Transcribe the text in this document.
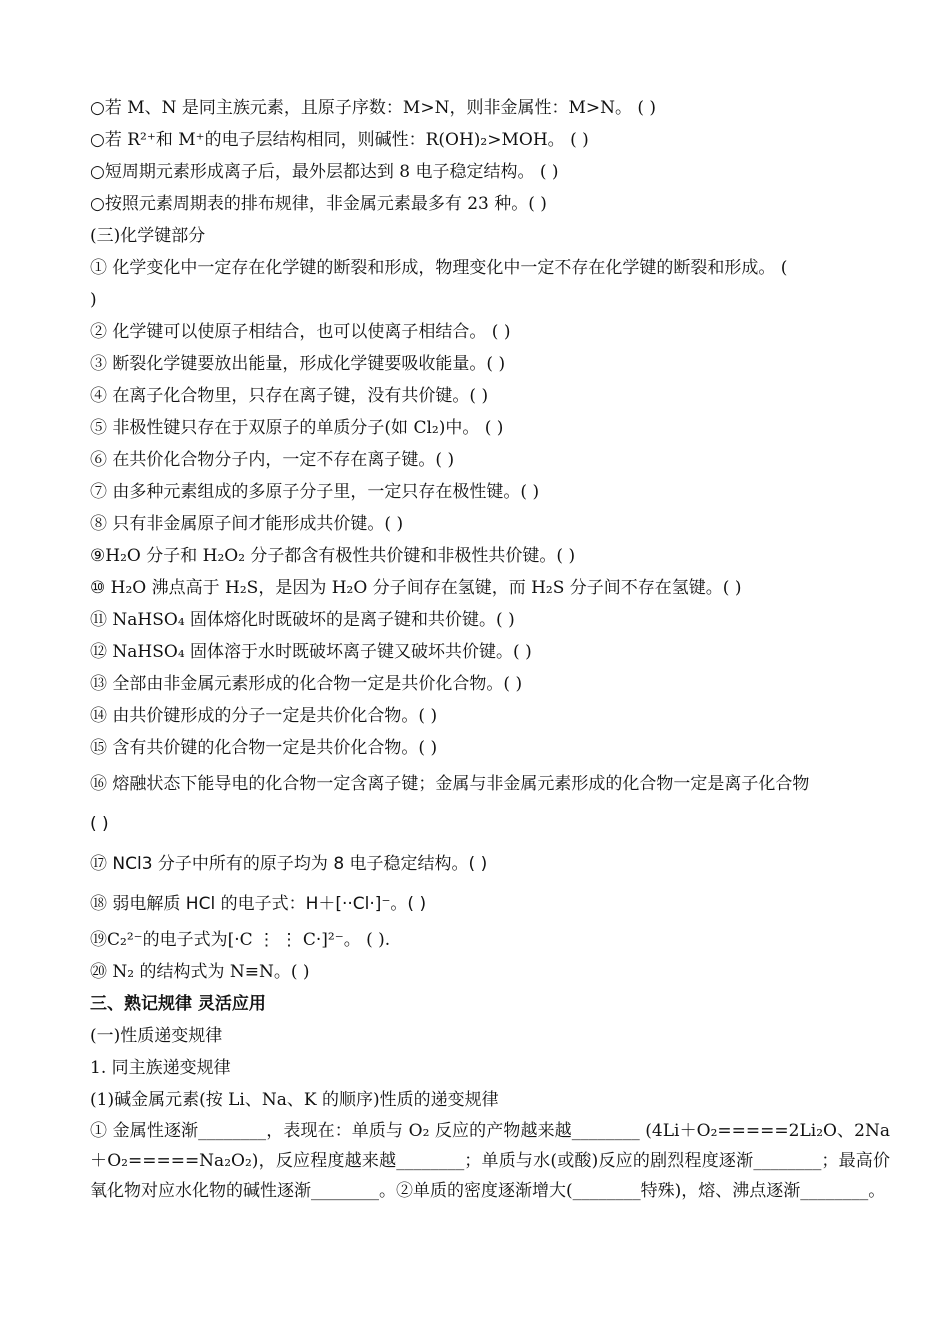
○若 M、N 是同主族元素，且原子序数：M>N，则非金属性：M>N。 ( )
○若 R²⁺和 M⁺的电子层结构相同，则碱性：R(OH)₂>MOH。 ( )
○短周期元素形成离子后，最外层都达到 8 电子稳定结构。 ( )
○按照元素周期表的排布规律，非金属元素最多有 23 种。( )
(三)化学键部分
① 化学变化中一定存在化学键的断裂和形成，物理变化中一定不存在化学键的断裂和形成。 (
)
② 化学键可以使原子相结合，也可以使离子相结合。 ( )
③ 断裂化学键要放出能量，形成化学键要吸收能量。( )
④ 在离子化合物里，只存在离子键，没有共价键。( )
⑤ 非极性键只存在于双原子的单质分子(如 Cl₂)中。 ( )
⑥ 在共价化合物分子内，一定不存在离子键。( )
⑦ 由多种元素组成的多原子分子里，一定只存在极性键。( )
⑧ 只有非金属原子间才能形成共价键。( )
⑨H₂O 分子和 H₂O₂ 分子都含有极性共价键和非极性共价键。( )
⑩ H₂O 沸点高于 H₂S，是因为 H₂O 分子间存在氢键，而 H₂S 分子间不存在氢键。( )
⑪ NaHSO₄ 固体熔化时既破坏的是离子键和共价键。( )
⑫ NaHSO₄ 固体溶于水时既破坏离子键又破坏共价键。( )
⑬ 全部由非金属元素形成的化合物一定是共价化合物。( )
⑭ 由共价键形成的分子一定是共价化合物。( )
⑮ 含有共价键的化合物一定是共价化合物。( )
⑯ 熔融状态下能导电的化合物一定含离子键；金属与非金属元素形成的化合物一定是离子化合物
( )
⑰ NCl3 分子中所有的原子均为 8 电子稳定结构。( )
⑱ 弱电解质 HCl 的电子式：H＋[··Cl·]⁻。( )
⑲C₂²⁻的电子式为[·C ⋮ ⋮ C·]²⁻。 ( ).
⑳ N₂ 的结构式为 N≡N。( )
三、熟记规律 灵活应用
(一)性质递变规律
1. 同主族递变规律
(1)碱金属元素(按 Li、Na、K 的顺序)性质的递变规律
① 金属性逐渐________，表现在：单质与 O₂ 反应的产物越来越________ (4Li＋O₂=====2Li₂O、2Na＋O₂=====Na₂O₂)，反应程度越来越________；单质与水(或酸)反应的剧烈程度逐渐________；最高价氧化物对应水化物的碱性逐渐________。②单质的密度逐渐增大(________特殊)，熔、沸点逐渐________。
